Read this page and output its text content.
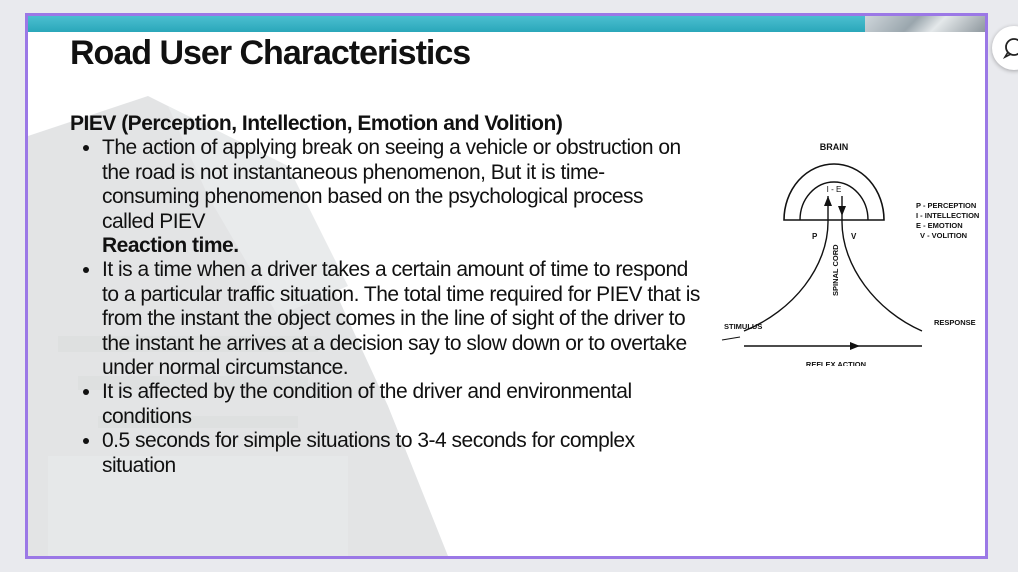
Road User Characteristics

PIEV (Perception, Intellection, Emotion and Volition)

• The action of applying break on seeing a vehicle or obstruction on the road is not instantaneous phenomenon, But it is time-consuming phenomenon based on the psychological process called PIEV
Reaction time.
• It is a time when a driver takes a certain amount of time to respond to a particular traffic situation. The total time required for PIEV that is from the instant the object comes in the line of sight of the driver to the instant he arrives at a decision say to slow down or to overtake under normal circumstance.
• It is affected by the condition of the driver and environmental conditions
• 0.5 seconds for simple situations to 3-4 seconds for complex situation
BRAIN
I - E
P	V
SPINAL CORD
STIMULUS	RESPONSE
REFLEX ACTION
P - PERCEPTION
I - INTELLECTION
E - EMOTION
V - VOLITION
